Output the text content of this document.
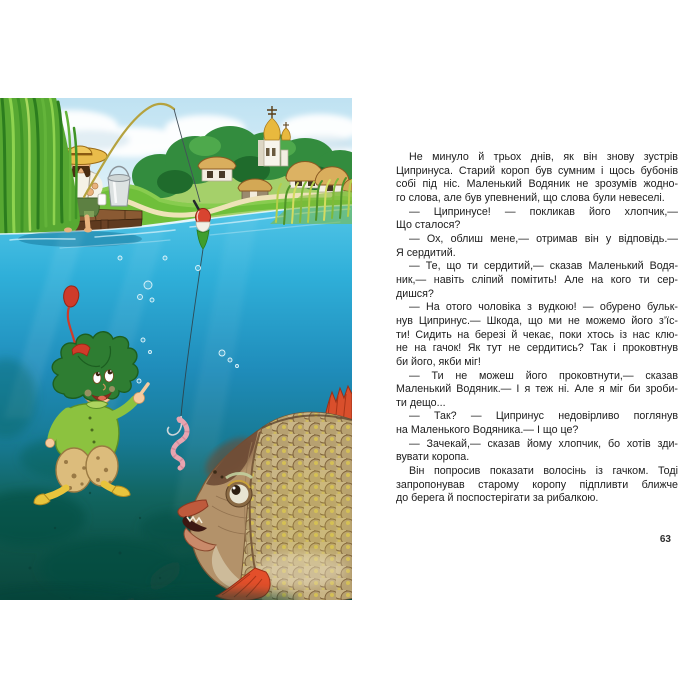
Не минуло й трьох днів, як він знову зустрів
Ципринуса. Старий короп був сумним і щось бубонів
собі під ніс. Маленький Водяник не зрозумів жодно-
го слова, але був упевнений, що слова були невеселі.
— Ципринусе! — покликав його хлопчик,—
Що сталося?
— Ох, облиш мене,— отримав він у відповідь.—
Я сердитий.
— Те, що ти сердитий,— сказав Маленький Водя-
ник,— навіть сліпий помітить! Але на кого ти сер-
дишся?
— На отого чоловіка з вудкою! — обурено бульк-
нув Ципринус.— Шкода, що ми не можемо його з’їс-
ти! Сидить на березі й чекає, поки хтось із нас клю-
не на гачок! Як тут не сердитись? Так і проковтнув
би його, якби міг!
— Ти не можеш його проковтнути,— сказав
Маленький Водяник.— І я теж ні. Але я міг би зроби-
ти дещо...
— Так? — Ципринус недовірливо поглянув
на Маленького Водяника.— І що це?
— Зачекай,— сказав йому хлопчик, бо хотів зди-
вувати коропа.
Він попросив показати волосінь із гачком. Тоді
запропонував старому коропу підпливти ближче
до берега й поспостерігати за рибалкою.
63
